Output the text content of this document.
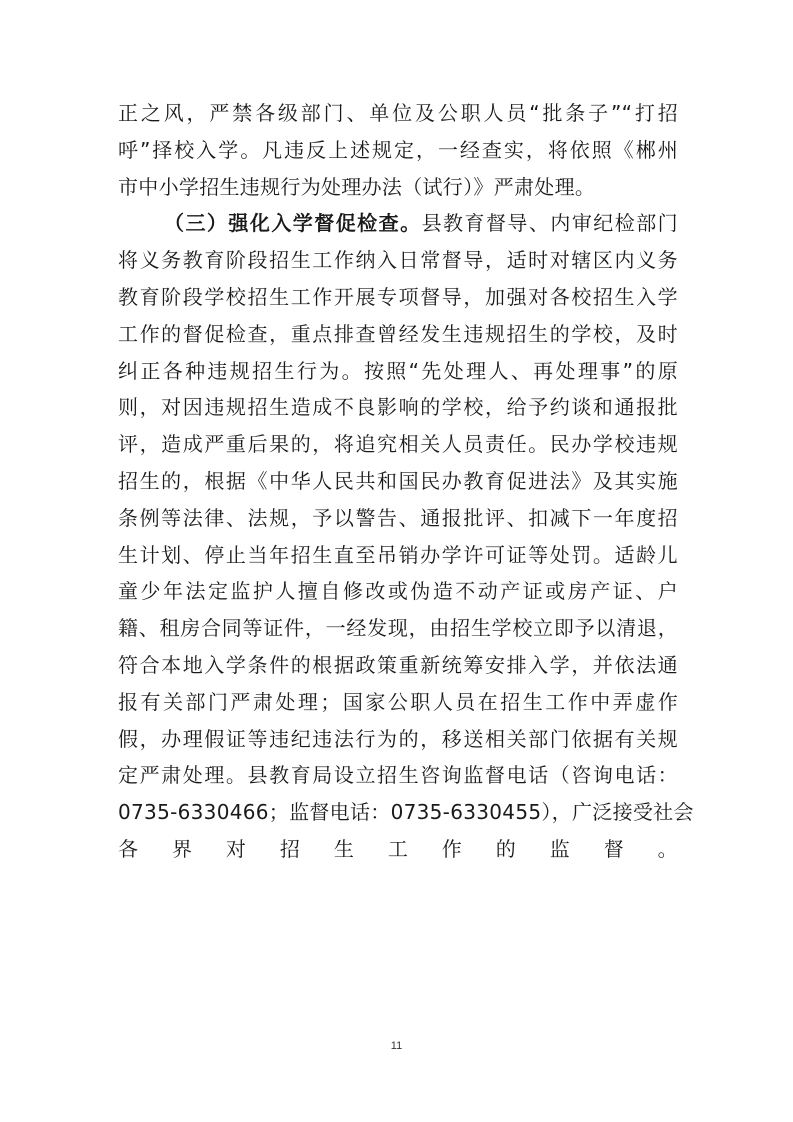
正之风，严禁各级部门、单位及公职人员“批条子”“打招
呼”择校入学。凡违反上述规定，一经查实，将依照《郴州
市中小学招生违规行为处理办法（试行）》严肃处理。
（三）强化入学督促检查。县教育督导、内审纪检部门
将义务教育阶段招生工作纳入日常督导，适时对辖区内义务
教育阶段学校招生工作开展专项督导，加强对各校招生入学
工作的督促检查，重点排查曾经发生违规招生的学校，及时
纠正各种违规招生行为。按照“先处理人、再处理事”的原
则，对因违规招生造成不良影响的学校，给予约谈和通报批
评，造成严重后果的，将追究相关人员责任。民办学校违规
招生的，根据《中华人民共和国民办教育促进法》及其实施
条例等法律、法规，予以警告、通报批评、扣减下一年度招
生计划、停止当年招生直至吊销办学许可证等处罚。适龄儿
童少年法定监护人擅自修改或伪造不动产证或房产证、户
籍、租房合同等证件，一经发现，由招生学校立即予以清退，
符合本地入学条件的根据政策重新统筹安排入学，并依法通
报有关部门严肃处理；国家公职人员在招生工作中弄虚作
假，办理假证等违纪违法行为的，移送相关部门依据有关规
定严肃处理。县教育局设立招生咨询监督电话（咨询电话：
0735-6330466；监督电话：0735-6330455），广泛接受社会
各界对招生工作的监督。
11
